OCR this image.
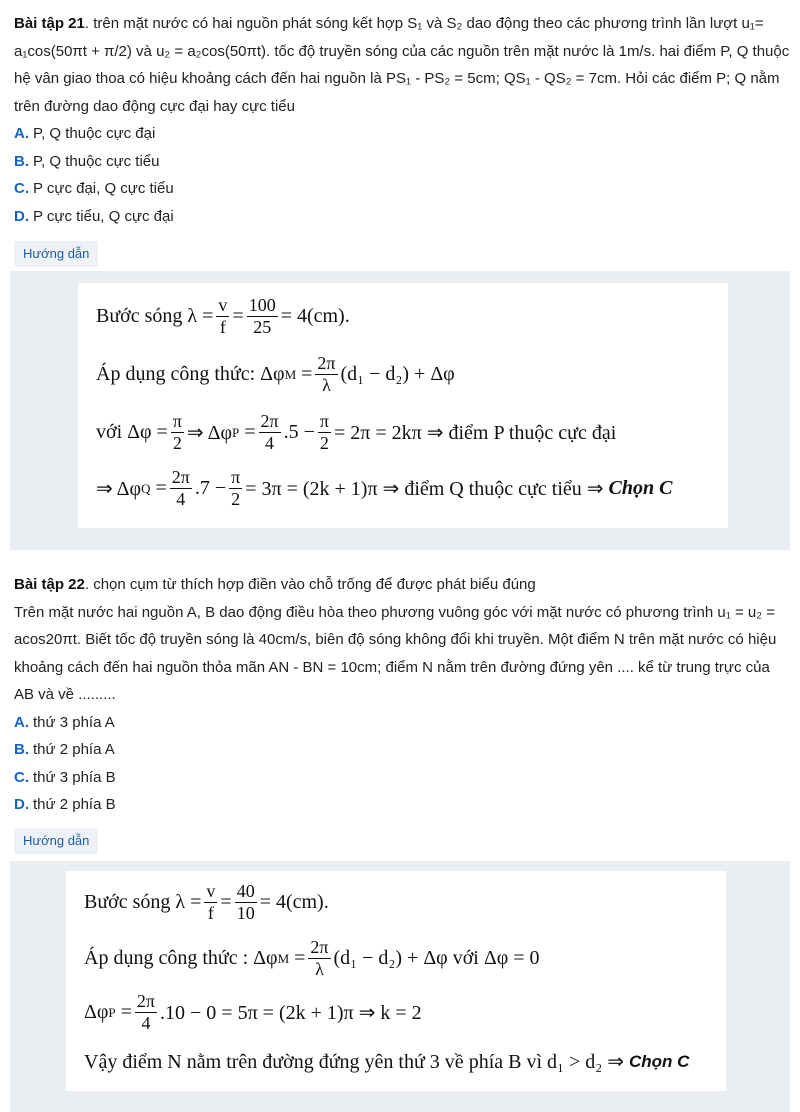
Bài tập 21. trên mặt nước có hai nguồn phát sóng kết hợp S₁ và S₂ dao động theo các phương trình lần lượt u₁= a₁cos(50πt + π/2) và u₂ = a₂cos(50πt). tốc độ truyền sóng của các nguồn trên mặt nước là 1m/s. hai điểm P, Q thuộc hệ vân giao thoa có hiệu khoảng cách đến hai nguồn là PS₁ - PS₂ = 5cm; QS₁ - QS₂ = 7cm. Hỏi các điểm P; Q nằm trên đường dao động cực đại hay cực tiểu
A. P, Q thuộc cực đại
B. P, Q thuộc cực tiểu
C. P cực đại, Q cực tiểu
D. P cực tiểu, Q cực đại
Hướng dẫn
Bước sóng $\lambda = \frac{v}{f} = \frac{100}{25} = 4(cm)$.
Áp dụng công thức: Δφ $M = \frac{2\pi}{\lambda} (d_1 - d_2) + \Delta\varphi$
với $\Delta\varphi = \frac{\pi}{2}$ ⇒ Δφ $P = \frac{2\pi}{4} .5 - \frac{\pi}{2} = 2\pi = 2k\pi$ ⇒ điểm P thuộc cực đại
⇒ Δφ $Q = \frac{2\pi}{4} .7 - \frac{\pi}{2} = 3\pi = (2k + 1)\pi$ ⇒ điểm Q thuộc cực tiểu ⇒ Chọn C
Bài tập 22. chọn cụm từ thích hợp điền vào chỗ trống để được phát biểu đúng
Trên mặt nước hai nguồn A, B dao động điều hòa theo phương vuông góc với mặt nước có phương trình u₁ = u₂ = acos20πt. Biết tốc độ truyền sóng là 40cm/s, biên độ sóng không đổi khi truyền. Một điểm N trên mặt nước có hiệu khoảng cách đến hai nguồn thỏa mãn AN - BN = 10cm; điểm N nằm trên đường đứng yên .... kể từ trung trực của AB và về .........
A. thứ 3 phía A
B. thứ 2 phía A
C. thứ 3 phía B
D. thứ 2 phía B
Hướng dẫn
Bước sóng $\lambda = \frac{v}{f} = \frac{40}{10} = 4(cm)$.
Áp dụng công thức : Δφ $M = \frac{2\pi}{\lambda} (d_1 - d_2) + \Delta\varphi$ với Δφ = 0
Δφ $P = \frac{2\pi}{4} .10 - 0 = 5\pi = (2k + 1)\pi$ ⇒ k = 2
Vậy điểm N nằm trên đường đứng yên thứ 3 về phía B vì d₁ > d₂ ⇒ Chọn C
